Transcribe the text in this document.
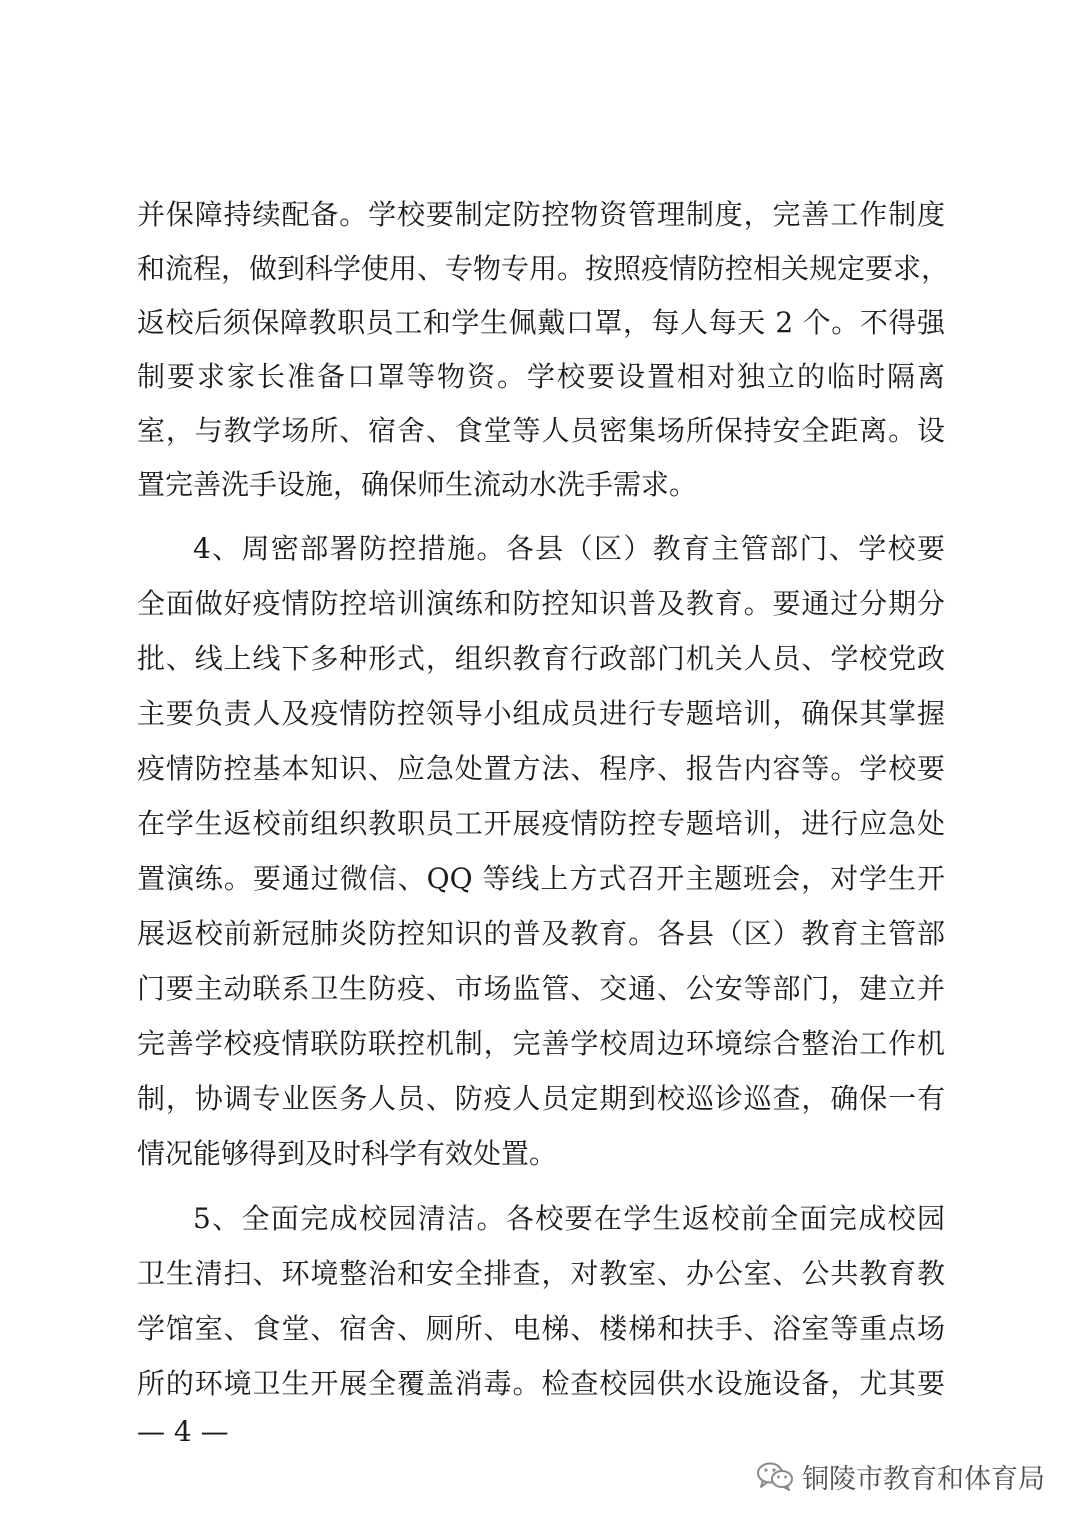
并保障持续配备。学校要制定防控物资管理制度，完善工作制度
和流程，做到科学使用、专物专用。按照疫情防控相关规定要求，
返校后须保障教职员工和学生佩戴口罩，每人每天 2 个。不得强
制要求家长准备口罩等物资。学校要设置相对独立的临时隔离
室，与教学场所、宿舍、食堂等人员密集场所保持安全距离。设
置完善洗手设施，确保师生流动水洗手需求。
4、周密部署防控措施。各县（区）教育主管部门、学校要
全面做好疫情防控培训演练和防控知识普及教育。要通过分期分
批、线上线下多种形式，组织教育行政部门机关人员、学校党政
主要负责人及疫情防控领导小组成员进行专题培训，确保其掌握
疫情防控基本知识、应急处置方法、程序、报告内容等。学校要
在学生返校前组织教职员工开展疫情防控专题培训，进行应急处
置演练。要通过微信、QQ 等线上方式召开主题班会，对学生开
展返校前新冠肺炎防控知识的普及教育。各县（区）教育主管部
门要主动联系卫生防疫、市场监管、交通、公安等部门，建立并
完善学校疫情联防联控机制，完善学校周边环境综合整治工作机
制，协调专业医务人员、防疫人员定期到校巡诊巡查，确保一有
情况能够得到及时科学有效处置。
5、全面完成校园清洁。各校要在学生返校前全面完成校园
卫生清扫、环境整治和安全排查，对教室、办公室、公共教育教
学馆室、食堂、宿舍、厕所、电梯、楼梯和扶手、浴室等重点场
所的环境卫生开展全覆盖消毒。检查校园供水设施设备，尤其要
— 4 —
铜陵市教育和体育局
